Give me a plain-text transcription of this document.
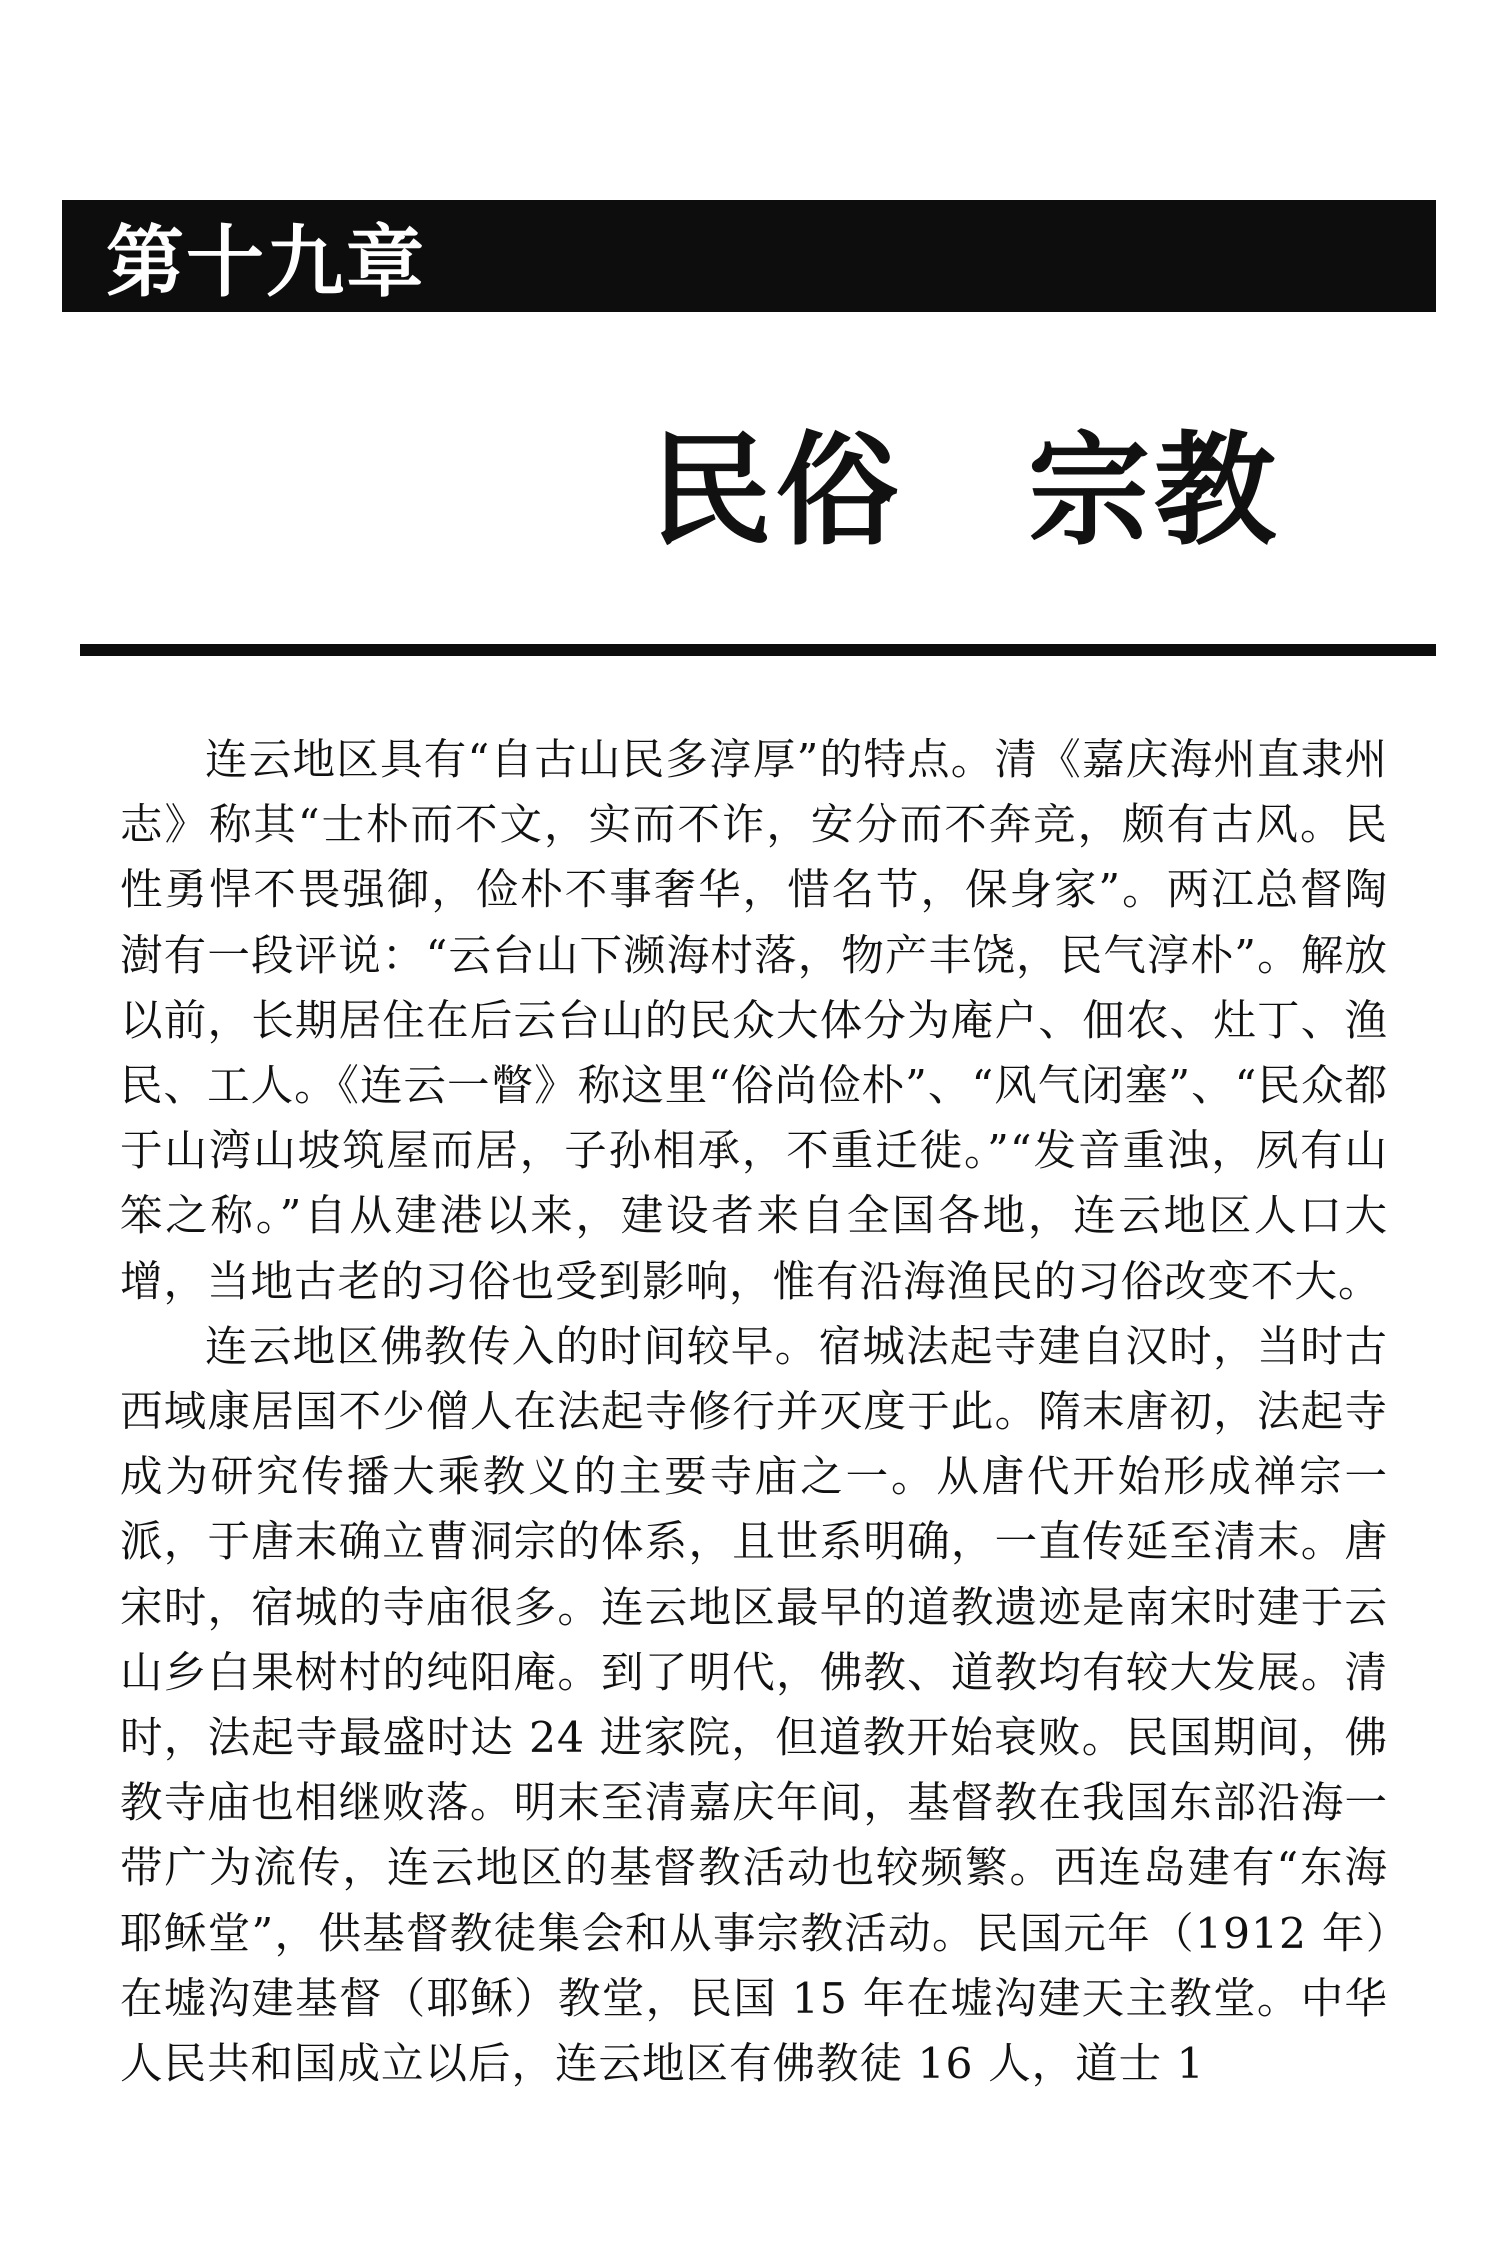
第十九章
民俗　宗教

连云地区具有“自古山民多淳厚”的特点。清《嘉庆海州直隶州志》称其“士朴而不文，实而不诈，安分而不奔竞，颇有古风。民性勇悍不畏强御，俭朴不事奢华，惜名节，保身家”。两江总督陶澍有一段评说：“云台山下濒海村落，物产丰饶，民气淳朴”。解放以前，长期居住在后云台山的民众大体分为庵户、佃农、灶丁、渔民、工人。《连云一瞥》称这里“俗尚俭朴”、“风气闭塞”、“民众都于山湾山坡筑屋而居，子孙相承，不重迁徙。”“发音重浊，夙有山笨之称。”自从建港以来，建设者来自全国各地，连云地区人口大增，当地古老的习俗也受到影响，惟有沿海渔民的习俗改变不大。

连云地区佛教传入的时间较早。宿城法起寺建自汉时，当时古西域康居国不少僧人在法起寺修行并灭度于此。隋末唐初，法起寺成为研究传播大乘教义的主要寺庙之一。从唐代开始形成禅宗一派，于唐末确立曹洞宗的体系，且世系明确，一直传延至清末。唐宋时，宿城的寺庙很多。连云地区最早的道教遗迹是南宋时建于云山乡白果树村的纯阳庵。到了明代，佛教、道教均有较大发展。清时，法起寺最盛时达 24 进家院，但道教开始衰败。民国期间，佛教寺庙也相继败落。明末至清嘉庆年间，基督教在我国东部沿海一带广为流传，连云地区的基督教活动也较频繁。西连岛建有“东海耶稣堂”，供基督教徒集会和从事宗教活动。民国元年（1912 年）在墟沟建基督（耶稣）教堂，民国 15 年在墟沟建天主教堂。中华人民共和国成立以后，连云地区有佛教徒 16 人，道士 1
